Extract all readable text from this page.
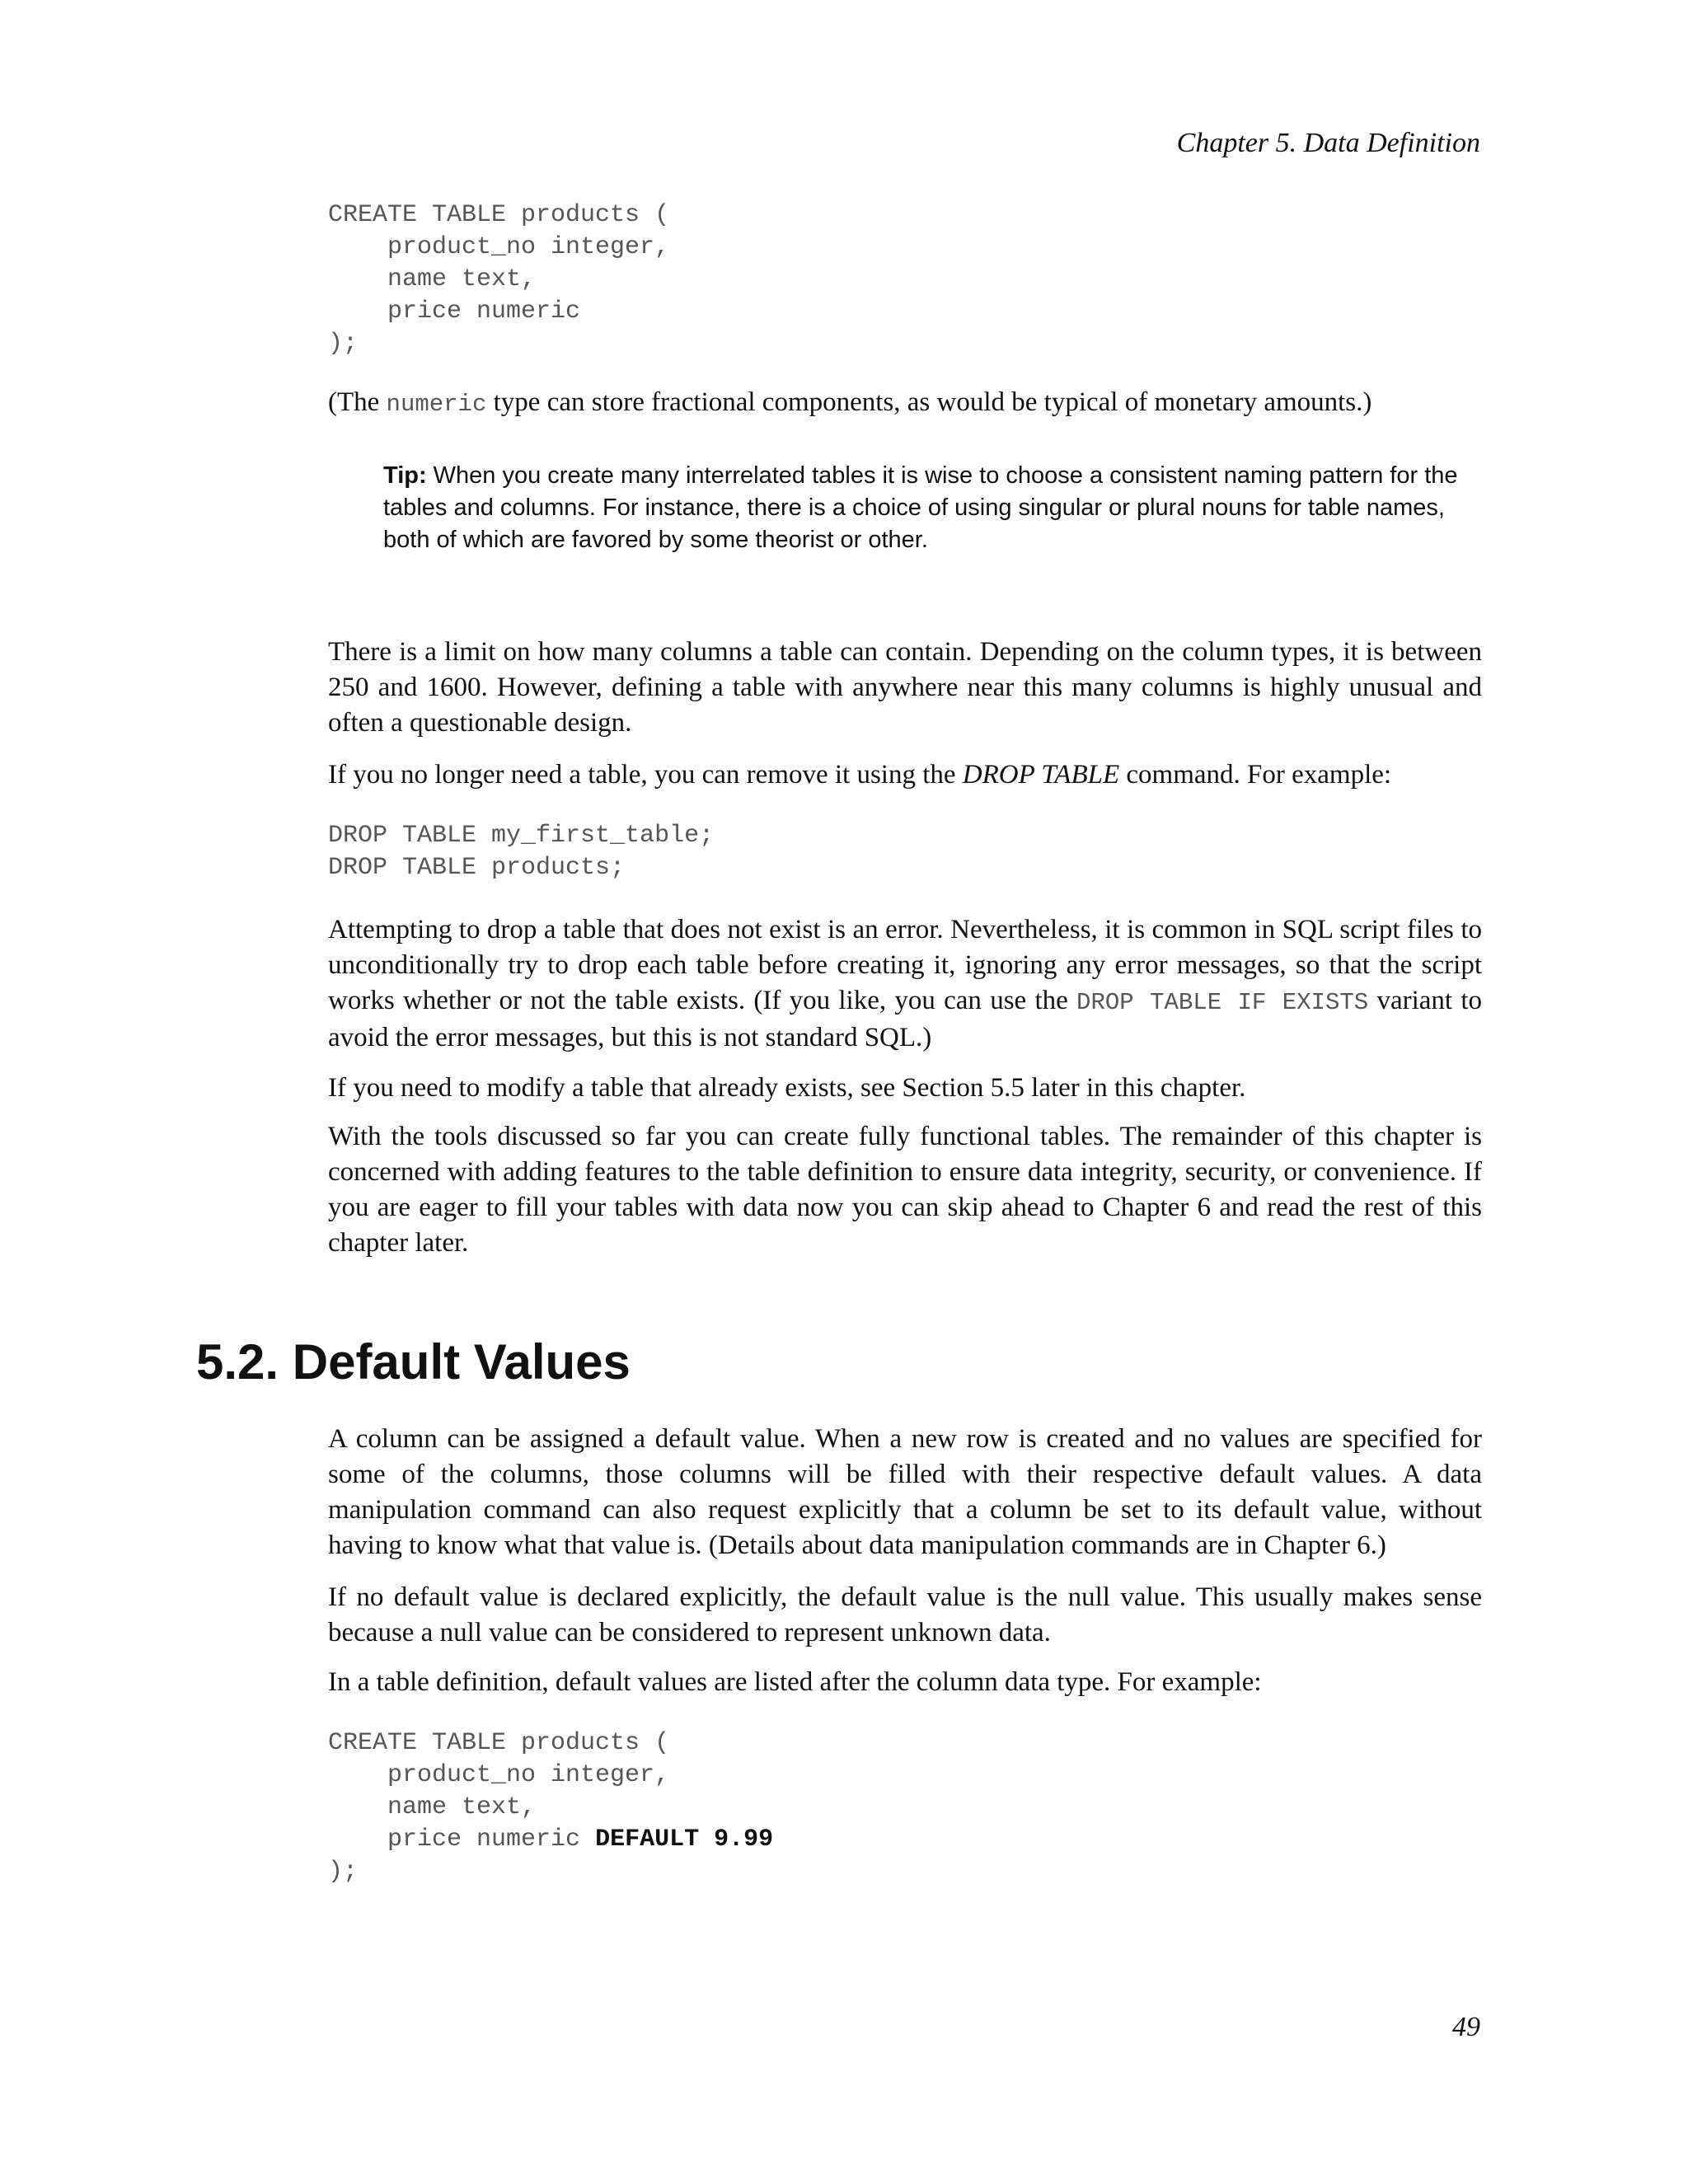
Chapter 5. Data Definition
CREATE TABLE products (
product_no integer,
name text,
price numeric
);

(The numeric type can store fractional components, as would be typical of monetary amounts.)

Tip: When you create many interrelated tables it is wise to choose a consistent naming pattern for the tables and columns. For instance, there is a choice of using singular or plural nouns for table names, both of which are favored by some theorist or other.

There is a limit on how many columns a table can contain. Depending on the column types, it is between 250 and 1600. However, defining a table with anywhere near this many columns is highly unusual and often a questionable design.

If you no longer need a table, you can remove it using the DROP TABLE command. For example:

DROP TABLE my_first_table;
DROP TABLE products;

Attempting to drop a table that does not exist is an error. Nevertheless, it is common in SQL script files to unconditionally try to drop each table before creating it, ignoring any error messages, so that the script works whether or not the table exists. (If you like, you can use the DROP TABLE IF EXISTS variant to avoid the error messages, but this is not standard SQL.)

If you need to modify a table that already exists, see Section 5.5 later in this chapter.

With the tools discussed so far you can create fully functional tables. The remainder of this chapter is concerned with adding features to the table definition to ensure data integrity, security, or convenience. If you are eager to fill your tables with data now you can skip ahead to Chapter 6 and read the rest of this chapter later.

5.2. Default Values

A column can be assigned a default value. When a new row is created and no values are specified for some of the columns, those columns will be filled with their respective default values. A data manipulation command can also request explicitly that a column be set to its default value, without having to know what that value is. (Details about data manipulation commands are in Chapter 6.)

If no default value is declared explicitly, the default value is the null value. This usually makes sense because a null value can be considered to represent unknown data.

In a table definition, default values are listed after the column data type. For example:

CREATE TABLE products (
product_no integer,
name text,
price numeric DEFAULT 9.99
);
49
